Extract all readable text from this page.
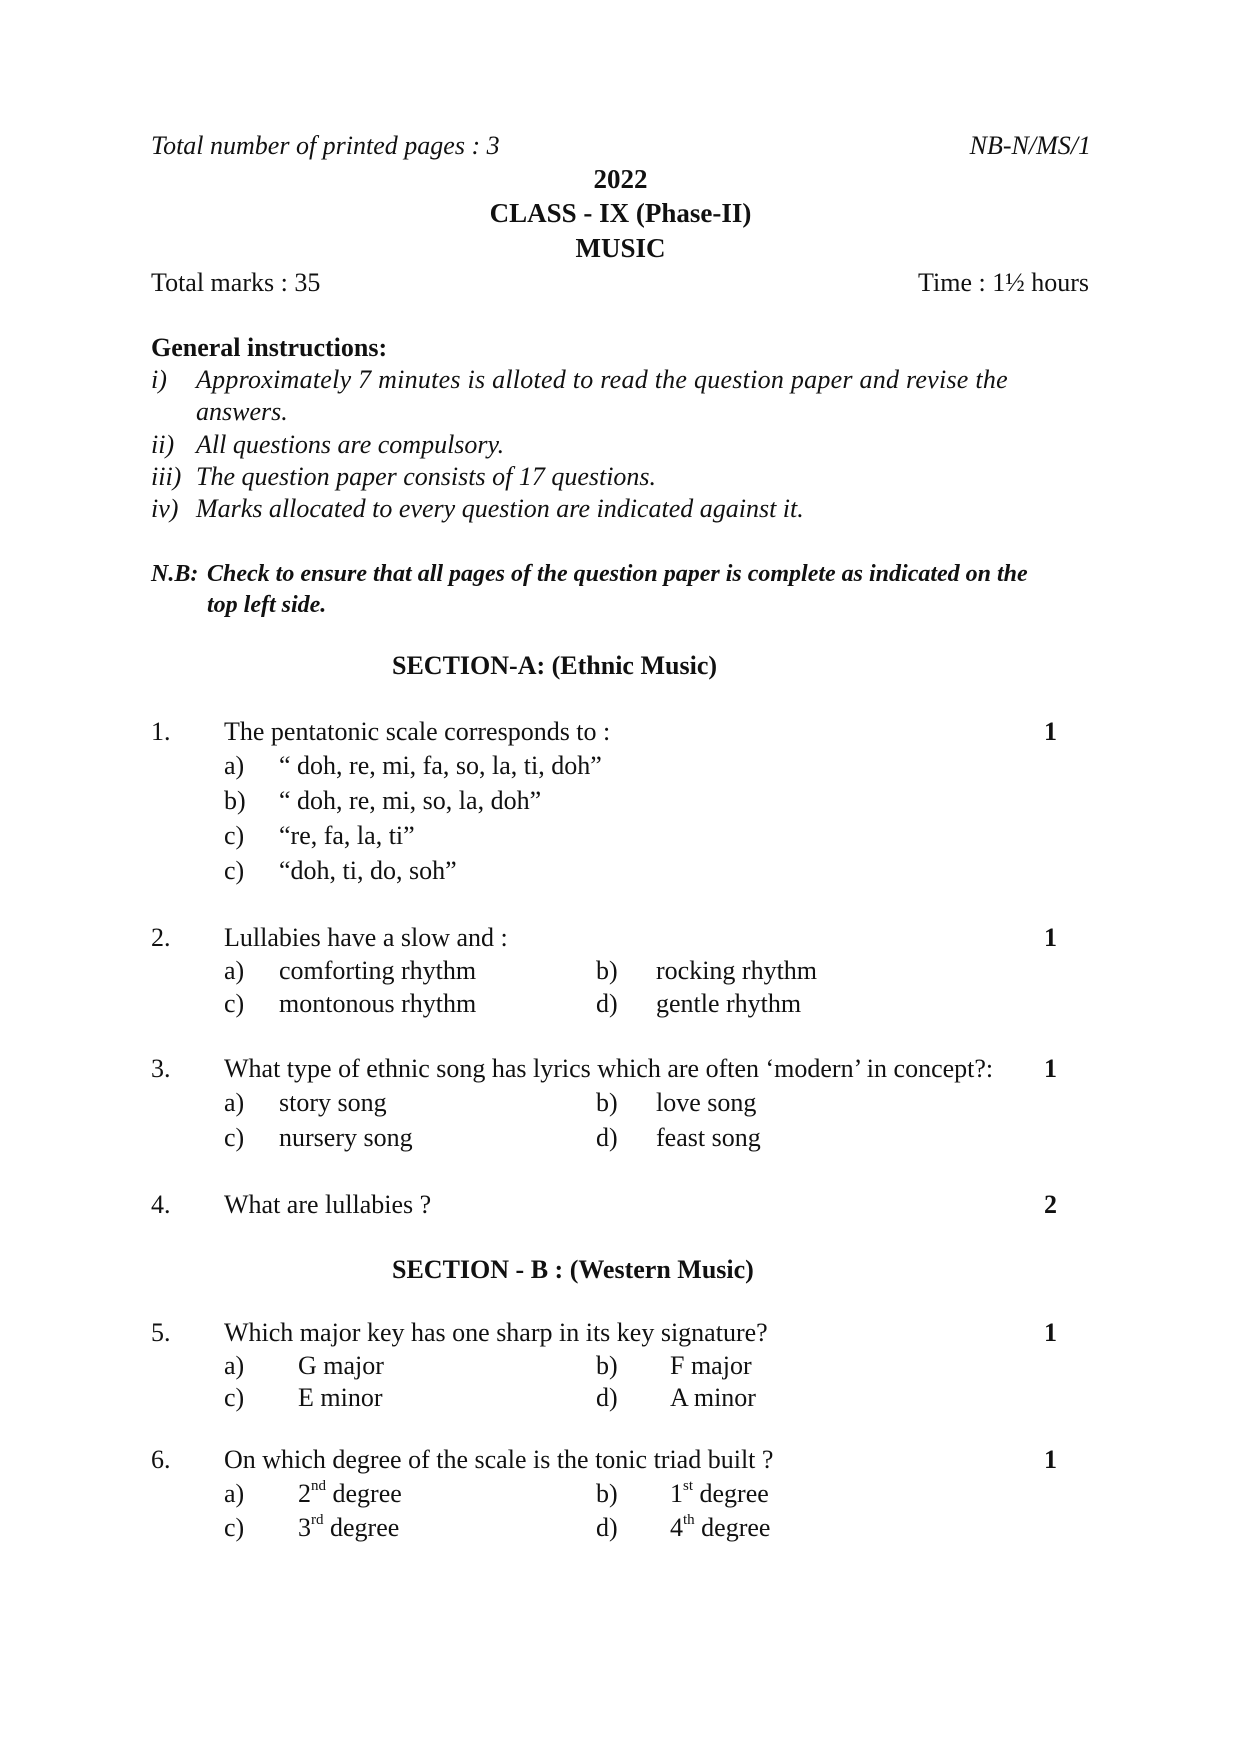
Total number of printed pages : 3	NB-N/MS/1
2022
CLASS - IX (Phase-II)
MUSIC
Total marks : 35	Time : 1½ hours
General instructions:
i) Approximately 7 minutes is alloted to read the question paper and revise the
answers.
ii) All questions are compulsory.
iii) The question paper consists of 17 questions.
iv) Marks allocated to every question are indicated against it.
N.B: Check to ensure that all pages of the question paper is complete as indicated on the
top left side.
SECTION-A: (Ethnic Music)
1. The pentatonic scale corresponds to :	1
a) “ doh, re, mi, fa, so, la, ti, doh”
b) “ doh, re, mi, so, la, doh”
c) “re, fa, la, ti”
c) “doh, ti, do, soh”
2. Lullabies have a slow and :	1
a) comforting rhythm	b) rocking rhythm
c) montonous rhythm	d) gentle rhythm
3. What type of ethnic song has lyrics which are often ‘modern’ in concept?: 1
a) story song	b) love song
c) nursery song	d) feast song
4. What are lullabies ?	2
SECTION - B : (Western Music)
5. Which major key has one sharp in its key signature?	1
a) G major	b) F major
c) E minor	d) A minor
6. On which degree of the scale is the tonic triad built ?	1
a) 2nd degree	b) 1st degree
c) 3rd degree	d) 4th degree
